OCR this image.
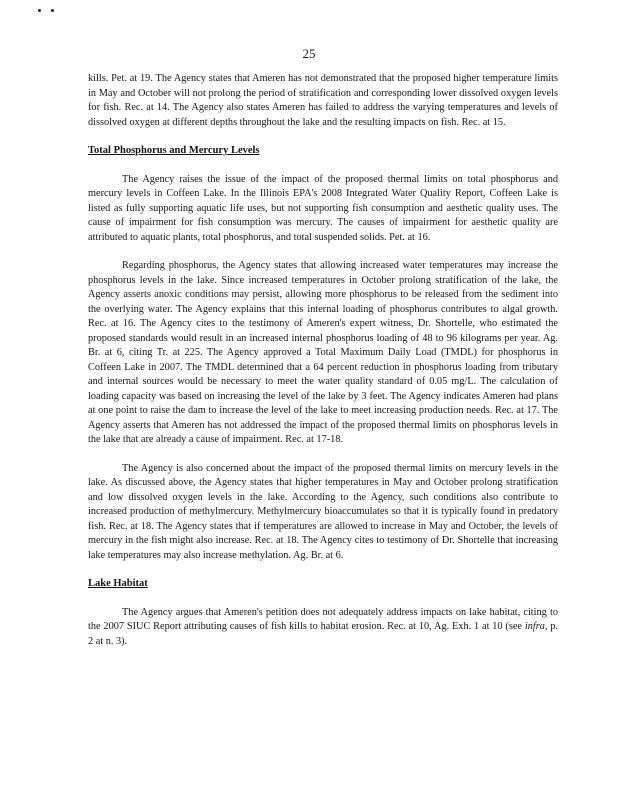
25

kills. Pet. at 19. The Agency states that Ameren has not demonstrated that the proposed higher temperature limits in May and October will not prolong the period of stratification and corresponding lower dissolved oxygen levels for fish. Rec. at 14. The Agency also states Ameren has failed to address the varying temperatures and levels of dissolved oxygen at different depths throughout the lake and the resulting impacts on fish. Rec. at 15.

Total Phosphorus and Mercury Levels

The Agency raises the issue of the impact of the proposed thermal limits on total phosphorus and mercury levels in Coffeen Lake. In the Illinois EPA's 2008 Integrated Water Quality Report, Coffeen Lake is listed as fully supporting aquatic life uses, but not supporting fish consumption and aesthetic quality uses. The cause of impairment for fish consumption was mercury. The causes of impairment for aesthetic quality are attributed to aquatic plants, total phosphorus, and total suspended solids. Pet. at 16.

Regarding phosphorus, the Agency states that allowing increased water temperatures may increase the phosphorus levels in the lake. Since increased temperatures in October prolong stratification of the lake, the Agency asserts anoxic conditions may persist, allowing more phosphorus to be released from the sediment into the overlying water. The Agency explains that this internal loading of phosphorus contributes to algal growth. Rec. at 16. The Agency cites to the testimony of Ameren's expert witness, Dr. Shortelle, who estimated the proposed standards would result in an increased internal phosphorus loading of 48 to 96 kilograms per year. Ag. Br. at 6, citing Tr. at 225. The Agency approved a Total Maximum Daily Load (TMDL) for phosphorus in Coffeen Lake in 2007. The TMDL determined that a 64 percent reduction in phosphorus loading from tributary and internal sources would be necessary to meet the water quality standard of 0.05 mg/L. The calculation of loading capacity was based on increasing the level of the lake by 3 feet. The Agency indicates Ameren had plans at one point to raise the dam to increase the level of the lake to meet increasing production needs. Rec. at 17. The Agency asserts that Ameren has not addressed the impact of the proposed thermal limits on phosphorus levels in the lake that are already a cause of impairment. Rec. at 17-18.

The Agency is also concerned about the impact of the proposed thermal limits on mercury levels in the lake. As discussed above, the Agency states that higher temperatures in May and October prolong stratification and low dissolved oxygen levels in the lake. According to the Agency, such conditions also contribute to increased production of methylmercury. Methylmercury bioaccumulates so that it is typically found in predatory fish. Rec. at 18. The Agency states that if temperatures are allowed to increase in May and October, the levels of mercury in the fish might also increase. Rec. at 18. The Agency cites to testimony of Dr. Shortelle that increasing lake temperatures may also increase methylation. Ag. Br. at 6.

Lake Habitat

The Agency argues that Ameren's petition does not adequately address impacts on lake habitat, citing to the 2007 SIUC Report attributing causes of fish kills to habitat erosion. Rec. at 10, Ag. Exh. 1 at 10 (see infra, p. 2 at n. 3).
